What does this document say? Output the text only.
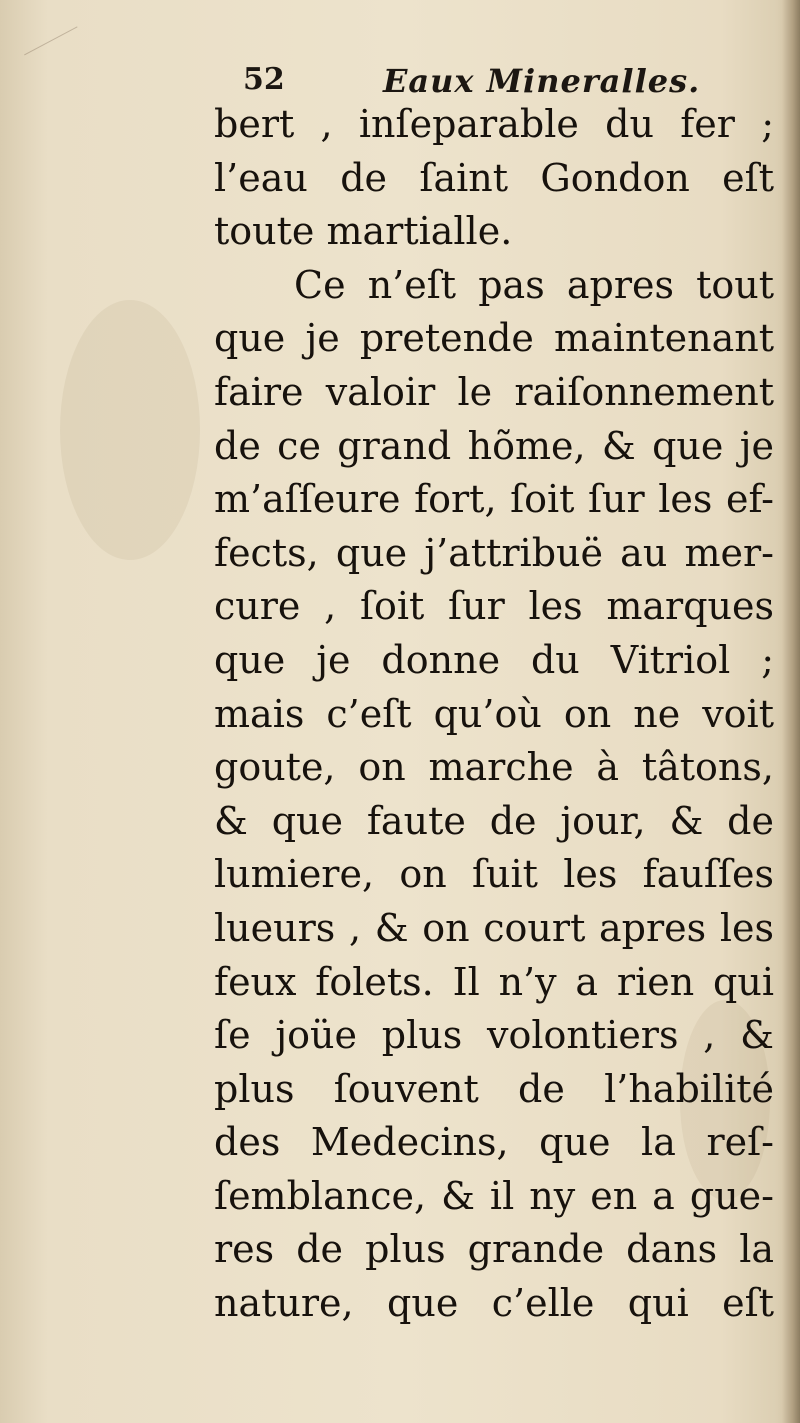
52	Eaux Mineralles.
bert , inſeparable du fer ;
l’eau de ſaint Gondon eſt
toute martialle.
Ce n’eſt pas apres tout
que je pretende maintenant
faire valoir le raiſonnement
de ce grand hõme, & que je
m’aſſeure fort, ſoit ſur les ef-
fects, que j’attribuë au mer-
cure , ſoit ſur les marques
que je donne du Vitriol ;
mais c’eſt qu’où on ne voit
goute, on marche à tâtons,
& que faute de jour, & de
lumiere, on ſuit les fauſſes
lueurs , & on court apres les
feux folets. Il n’y a rien qui
ſe joüe plus volontiers , &
plus ſouvent de l’habilité
des Medecins, que la reſ-
ſemblance, & il ny en a gue-
res de plus grande dans la
nature, que c’elle qui eſt
